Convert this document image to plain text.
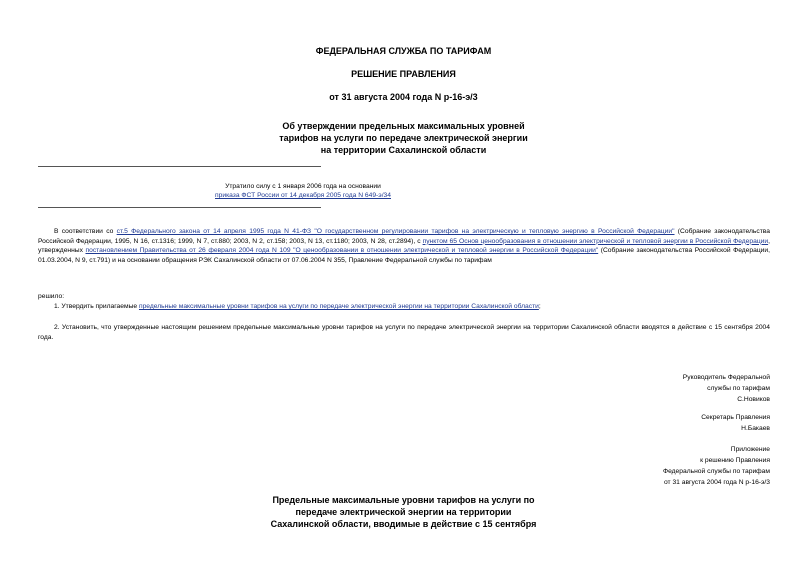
ФЕДЕРАЛЬНАЯ СЛУЖБА ПО ТАРИФАМ
РЕШЕНИЕ ПРАВЛЕНИЯ
от 31 августа 2004 года N р-16-э/3
Об утверждении предельных максимальных уровней
тарифов на услуги по передаче электрической энергии
на территории Сахалинской области
Утратило силу с 1 января 2006 года на основании
приказа ФСТ России от 14 декабря 2005 года N 649-э/34
В соответствии со ст.5 Федерального закона от 14 апреля 1995 года N 41-ФЗ "О государственном регулировании тарифов на электрическую и тепловую энергию в Российской Федерации" (Собрание законодательства Российской Федерации, 1995, N 16, ст.1316; 1999, N 7, ст.880; 2003, N 2, ст.158; 2003, N 13, ст.1180; 2003, N 28, ст.2894), с пунктом 65 Основ ценообразования в отношении электрической и тепловой энергии в Российской Федерации, утвержденных постановлением Правительства от 26 февраля 2004 года N 109 "О ценообразовании в отношении электрической и тепловой энергии в Российской Федерации" (Собрание законодательства Российской Федерации, 01.03.2004, N 9, ст.791) и на основании обращения РЭК Сахалинской области от 07.06.2004 N 355, Правление Федеральной службы по тарифам
решило:
1. Утвердить прилагаемые предельные максимальные уровни тарифов на услуги по передаче электрической энергии на территории Сахалинской области;
2. Установить, что утвержденные настоящим решением предельные максимальные уровни тарифов на услуги по передаче электрической энергии на территории Сахалинской области вводятся в действие с 15 сентября 2004 года.
Руководитель Федеральной
службы по тарифам
С.Новиков
Секретарь Правления
Н.Бакаев
Приложение
к решению Правления
Федеральной службы по тарифам
от 31 августа 2004 года N р-16-э/3
Предельные максимальные уровни тарифов на услуги по
передаче электрической энергии на территории
Сахалинской области, вводимые в действие с 15 сентября
